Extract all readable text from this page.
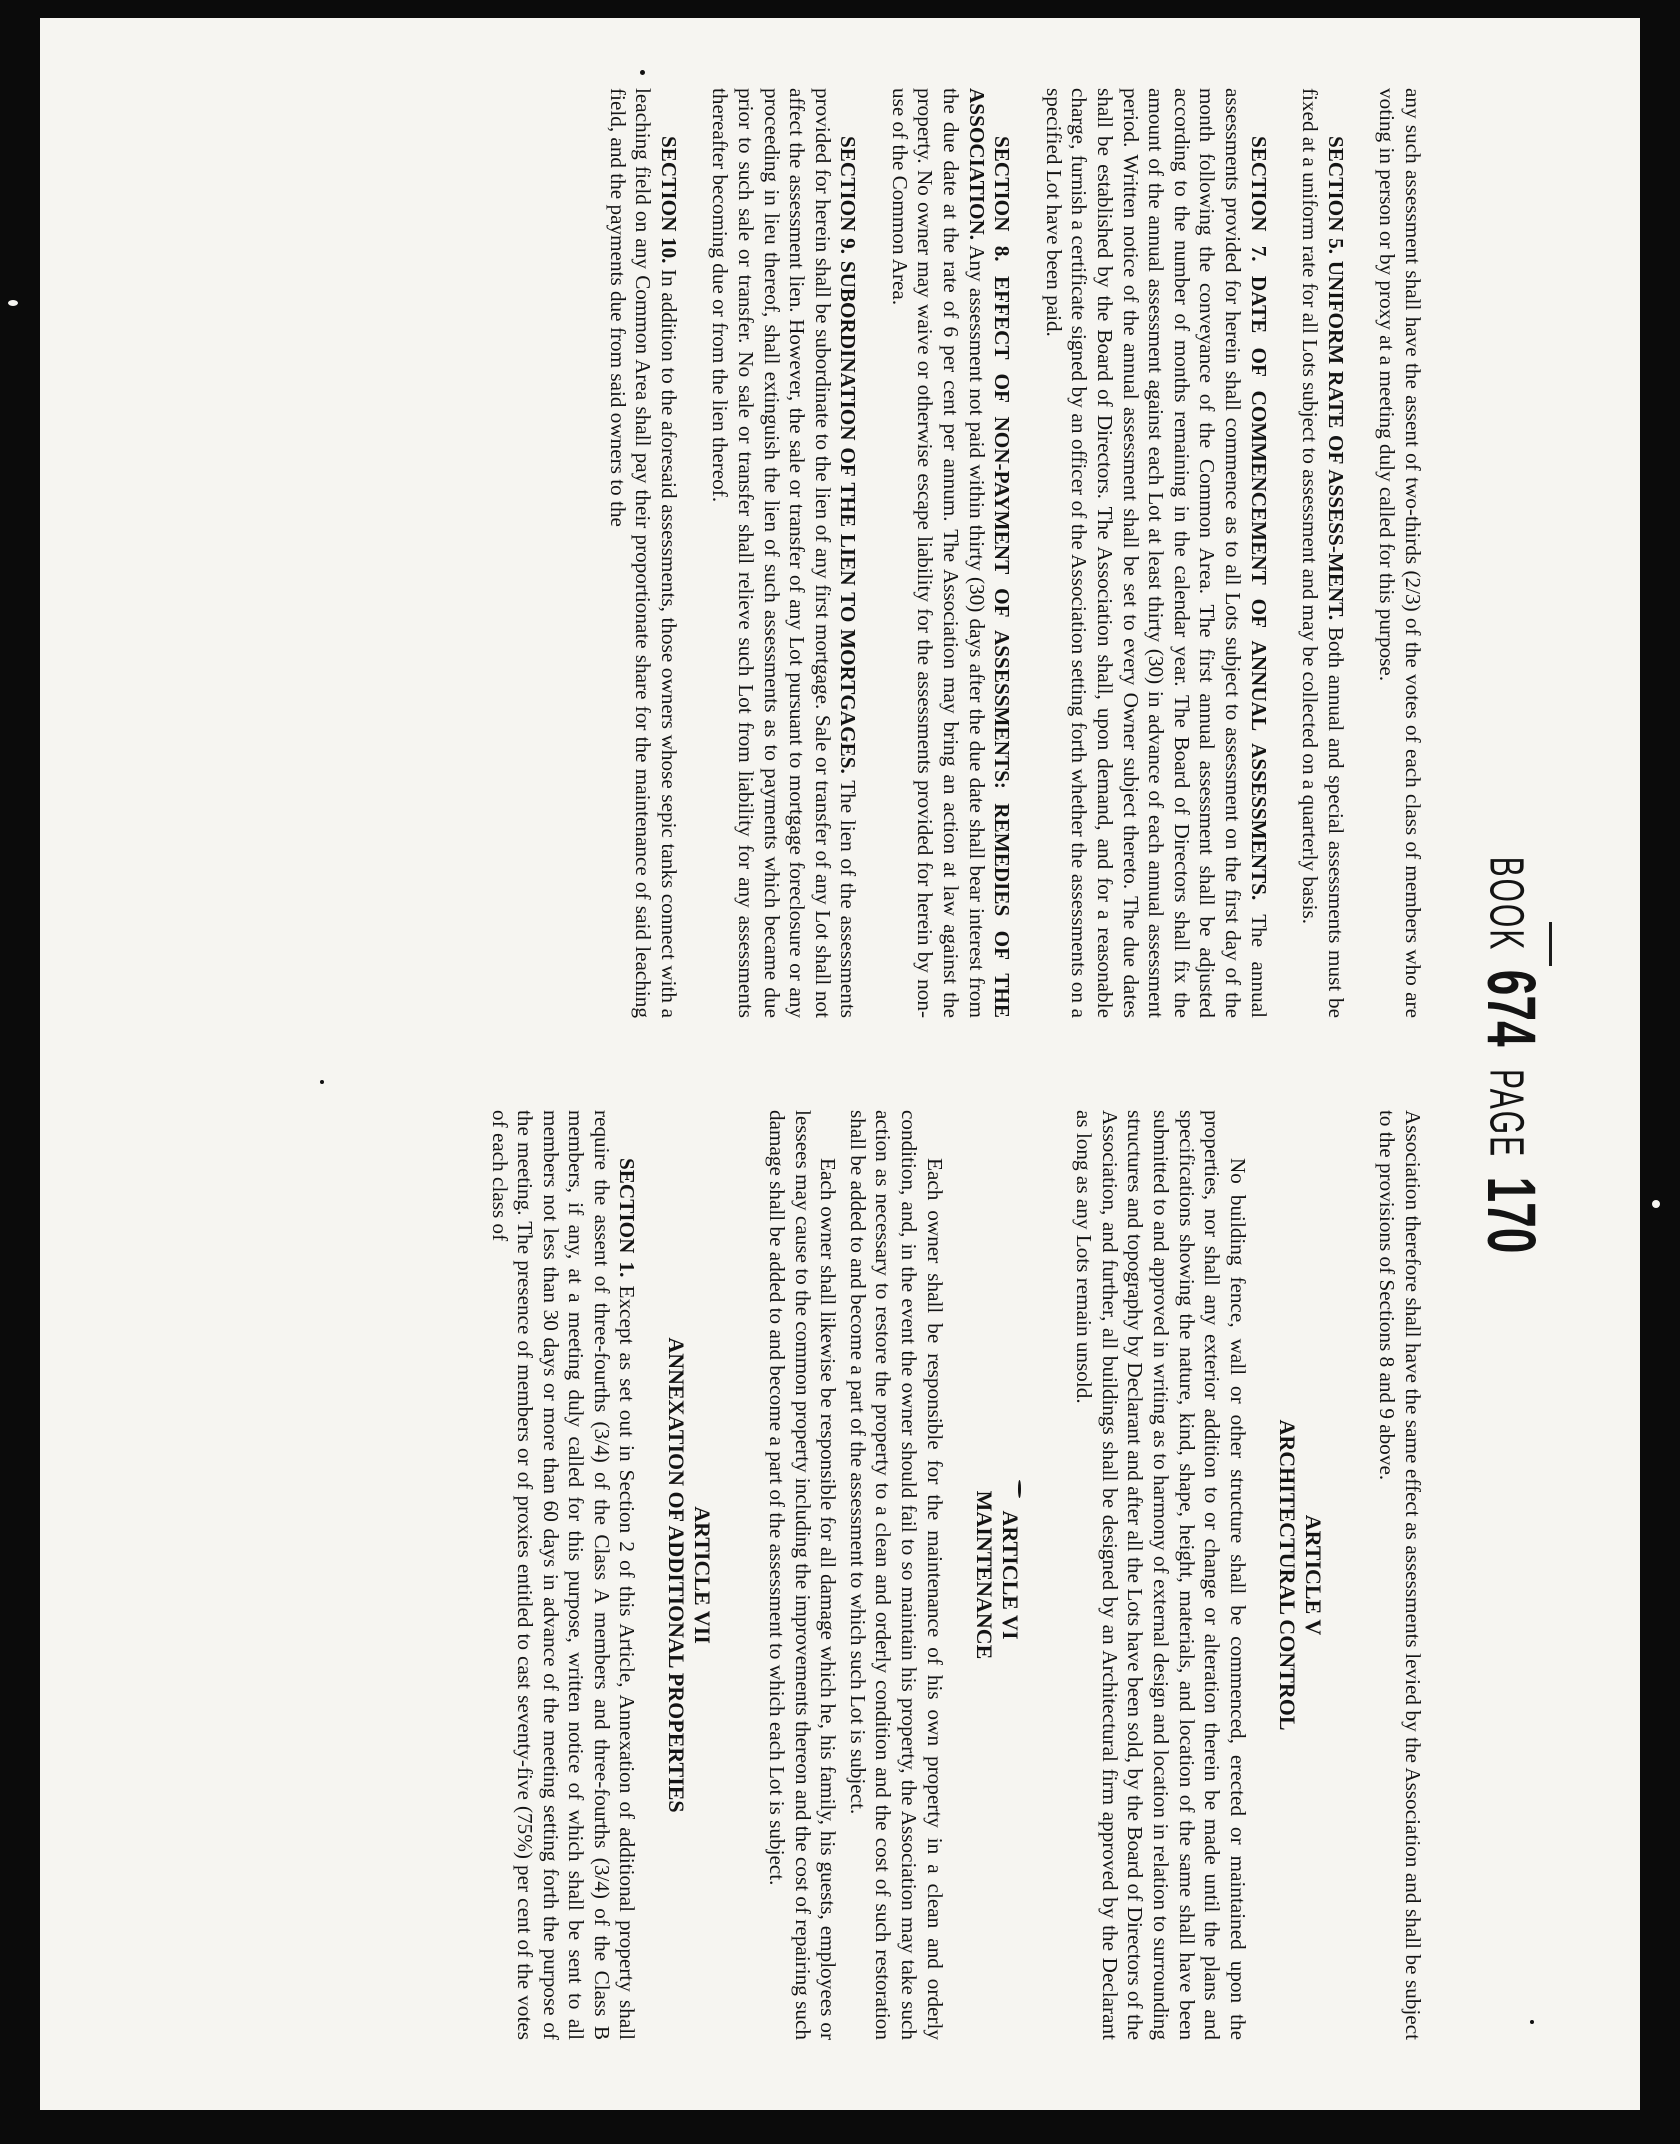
BOOK 674 PAGE 170

any such assessment shall have the assent of two-thirds (2/3) of the votes of each class of members who are voting in person or by proxy at a meeting duly called for this purpose.

SECTION 5. UNIFORM RATE OF ASSESS-MENT. Both annual and special assessments must be fixed at a uniform rate for all Lots subject to assessment and may be collected on a quarterly basis.

SECTION 7. DATE OF COMMENCEMENT OF ANNUAL ASSESSMENTS. The annual assessments provided for herein shall commence as to all Lots subject to assessment on the first day of the month following the conveyance of the Common Area. The first annual assessment shall be adjusted according to the number of months remaining in the calendar year. The Board of Directors shall fix the amount of the annual assessment against each Lot at least thirty (30) in advance of each annual assessment period. Written notice of the annual assessment shall be set to every Owner subject thereto. The due dates shall be established by the Board of Directors. The Association shall, upon demand, and for a reasonable charge, furnish a certificate signed by an officer of the Association setting forth whether the assessments on a specified Lot have been paid.

SECTION 8. EFFECT OF NON-PAYMENT OF ASSESSMENTS: REMEDIES OF THE ASSOCIATION. Any assessment not paid within thirty (30) days after the due date shall bear interest from the due date at the rate of 6 per cent per annum. The Association may bring an action at law against the property. No owner may waive or otherwise escape liability for the assessments provided for herein by non-use of the Common Area.

SECTION 9. SUBORDINATION OF THE LIEN TO MORTGAGES. The lien of the assessments provided for herein shall be subordinate to the lien of any first mortgage. Sale or transfer of any Lot shall not affect the assessment lien. However, the sale or transfer of any Lot pursuant to mortgage foreclosure or any proceeding in lieu thereof, shall extinguish the lien of such assessments as to payments which became due prior to such sale or transfer. No sale or transfer shall relieve such Lot from liability for any assessments thereafter becoming due or from the lien thereof.

SECTION 10. In addition to the aforesaid assessments, those owners whose sepic tanks connect with a leaching field on any Common Area shall pay their proportionate share for the maintenance of said leaching field, and the payments due from said owners to the

Association therefore shall have the same effect as assessments levied by the Association and shall be subject to the provisions of Sections 8 and 9 above.

ARTICLE V

ARCHITECTURAL CONTROL

No building fence, wall or other structure shall be commenced, erected or maintained upon the properties, nor shall any exterior addition to or change or alteration therein be made until the plans and specifications showing the nature, kind, shape, height, materials, and location of the same shall have been submitted to and approved in writing as to harmony of external design and location in relation to surrounding structures and topography by Declarant and after all the Lots have been sold, by the Board of Directors of the Association, and further, all buildings shall be designed by an Architectural firm approved by the Declarant as long as any Lots remain unsold.

ARTICLE VI

MAINTENANCE

Each owner shall be responsible for the maintenance of his own property in a clean and orderly condition, and, in the event the owner should fail to so maintain his property, the Association may take such action as necessary to restore the property to a clean and orderly condition and the cost of such restoration shall be added to and become a part of the assessment to which such Lot is subject.

Each owner shall likewise be responsible for all damage which he, his family, his guests, employees or lessees may cause to the common property including the improvements thereon and the cost of repairing such damage shall be added to and become a part of the assessment to which each Lot is subject.

ARTICLE VII

ANNEXATION OF ADDITIONAL PROPERTIES

SECTION 1. Except as set out in Section 2 of this Article, Annexation of additional property shall require the assent of three-fourths (3/4) of the Class A members and three-fourths (3/4) of the Class B members, if any, at a meeting duly called for this purpose, written notice of which shall be sent to all members not less than 30 days or more than 60 days in advance of the meeting setting forth the purpose of the meeting. The presence of members or of proxies entitled to cast seventy-five (75%) per cent of the votes of each class of
